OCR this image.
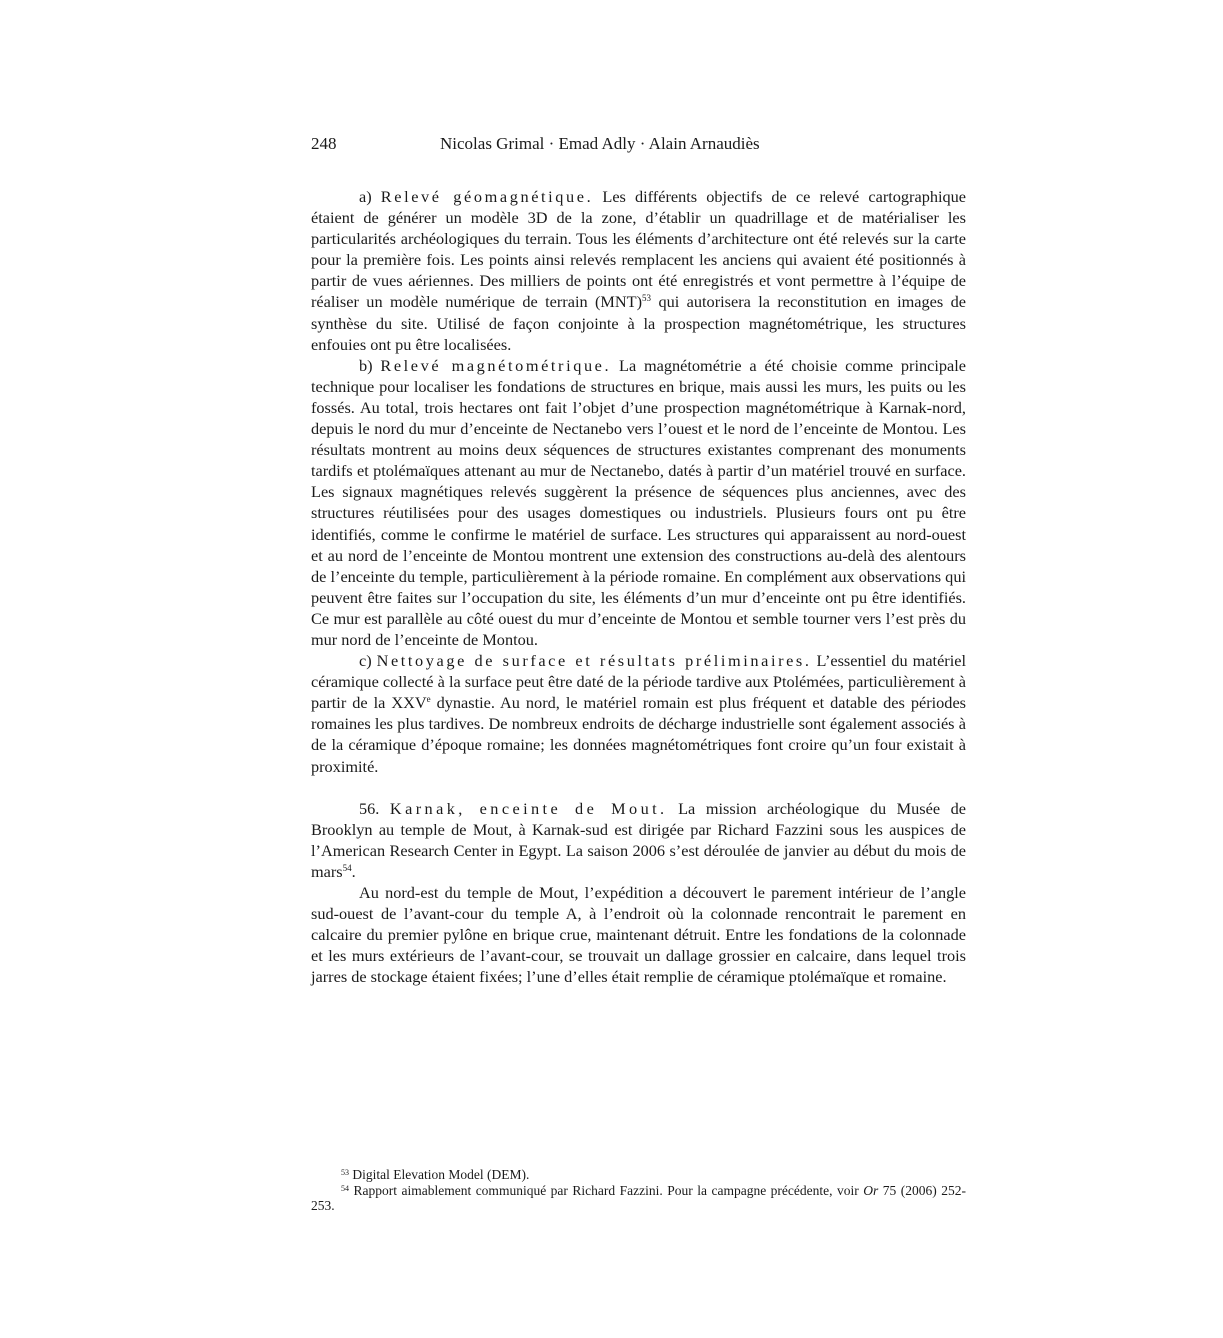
248	Nicolas Grimal · Emad Adly · Alain Arnaudiès

a) Relevé géomagnétique. Les différents objectifs de ce relevé cartographique étaient de générer un modèle 3D de la zone, d’établir un quadrillage et de matérialiser les particularités archéologiques du terrain. Tous les éléments d’architecture ont été relevés sur la carte pour la première fois. Les points ainsi relevés remplacent les anciens qui avaient été positionnés à partir de vues aériennes. Des milliers de points ont été enregistrés et vont permettre à l’équipe de réaliser un modèle numérique de terrain (MNT)$^{53}$ qui autorisera la reconstitution en images de synthèse du site. Utilisé de façon conjointe à la prospection magnétométrique, les structures enfouies ont pu être localisées.

b) Relevé magnétométrique. La magnétométrie a été choisie comme principale technique pour localiser les fondations de structures en brique, mais aussi les murs, les puits ou les fossés. Au total, trois hectares ont fait l’objet d’une prospection magnétométrique à Karnak-nord, depuis le nord du mur d’enceinte de Nectanebo vers l’ouest et le nord de l’enceinte de Montou. Les résultats montrent au moins deux séquences de structures existantes comprenant des monuments tardifs et ptolémaïques attenant au mur de Nectanebo, datés à partir d’un matériel trouvé en surface. Les signaux magnétiques relevés suggèrent la présence de séquences plus anciennes, avec des structures réutilisées pour des usages domestiques ou industriels. Plusieurs fours ont pu être identifiés, comme le confirme le matériel de surface. Les structures qui apparaissent au nord-ouest et au nord de l’enceinte de Montou montrent une extension des constructions au-delà des alentours de l’enceinte du temple, particulièrement à la période romaine. En complément aux observations qui peuvent être faites sur l’occupation du site, les éléments d’un mur d’enceinte ont pu être identifiés. Ce mur est parallèle au côté ouest du mur d’enceinte de Montou et semble tourner vers l’est près du mur nord de l’enceinte de Montou.

c) Nettoyage de surface et résultats préliminaires. L’essentiel du matériel céramique collecté à la surface peut être daté de la période tardive aux Ptolémées, particulièrement à partir de la XXVe dynastie. Au nord, le matériel romain est plus fréquent et datable des périodes romaines les plus tardives. De nombreux endroits de décharge industrielle sont également associés à de la céramique d’époque romaine; les données magnétométriques font croire qu’un four existait à proximité.

56. Karnak, enceinte de Mout. La mission archéologique du Musée de Brooklyn au temple de Mout, à Karnak-sud est dirigée par Richard Fazzini sous les auspices de l’American Research Center in Egypt. La saison 2006 s’est déroulée de janvier au début du mois de mars$^{54}$.

Au nord-est du temple de Mout, l’expédition a découvert le parement intérieur de l’angle sud-ouest de l’avant-cour du temple A, à l’endroit où la colonnade rencontrait le parement en calcaire du premier pylône en brique crue, maintenant détruit. Entre les fondations de la colonnade et les murs extérieurs de l’avant-cour, se trouvait un dallage grossier en calcaire, dans lequel trois jarres de stockage étaient fixées; l’une d’elles était remplie de céramique ptolémaïque et romaine.

$^{53}$ Digital Elevation Model (DEM).
$^{54}$ Rapport aimablement communiqué par Richard Fazzini. Pour la campagne précédente, voir Or 75 (2006) 252-253.
